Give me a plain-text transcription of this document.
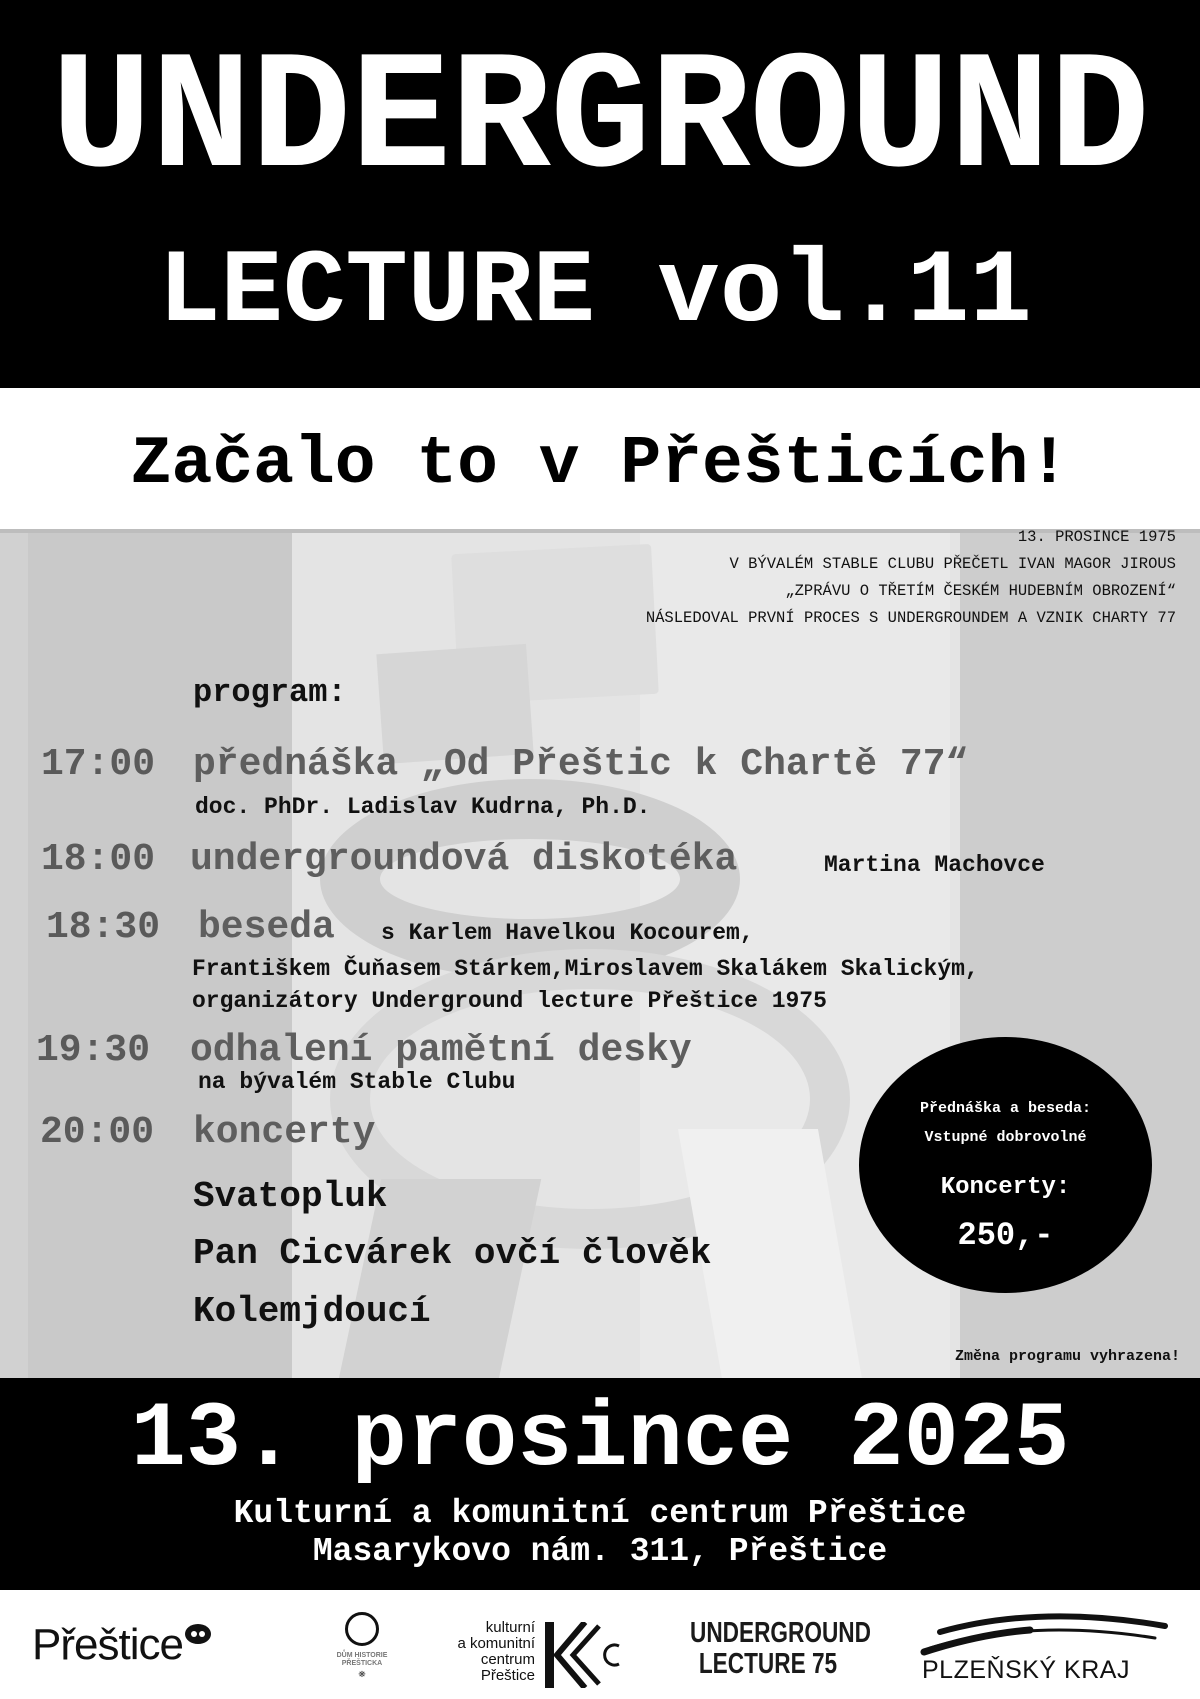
UNDERGROUND
LECTURE vol.11
Začalo to v Přešticích!
13. PROSINCE 1975
V BÝVALÉM STABLE CLUBU PŘEČETL IVAN MAGOR JIROUS
„ZPRÁVU O TŘETÍM ČESKÉM HUDEBNÍM OBROZENÍ“
NÁSLEDOVAL PRVNÍ PROCES S UNDERGROUNDEM A VZNIK CHARTY 77
program:
17:00 přednáška „Od Přeštic k Chartě 77“
doc. PhDr. Ladislav Kudrna, Ph.D.
18:00 undergroundová diskotéka	Martina Machovce
18:30 beseda s Karlem Havelkou Kocourem,
Františkem Čuňasem Stárkem,Miroslavem Skalákem Skalickým,
organizátory Underground lecture Přeštice 1975
19:30 odhalení pamětní desky
na bývalém Stable Clubu
20:00 koncerty
Svatopluk
Pan Cicvárek ovčí člověk
Kolemjdoucí
Přednáška a beseda:
Vstupné dobrovolné
Koncerty:
250,-
Změna programu vyhrazena!
13. prosince 2025
Kulturní a komunitní centrum Přeštice
Masarykovo nám. 311, Přeštice
Přeštice	DŮM HISTORIE
PŘEŠTICKA
❋
kulturní
a komunitní
centrum
Přeštice
UNDERGROUND
LECTURE 75	PLZEŇSKÝ KRAJ
